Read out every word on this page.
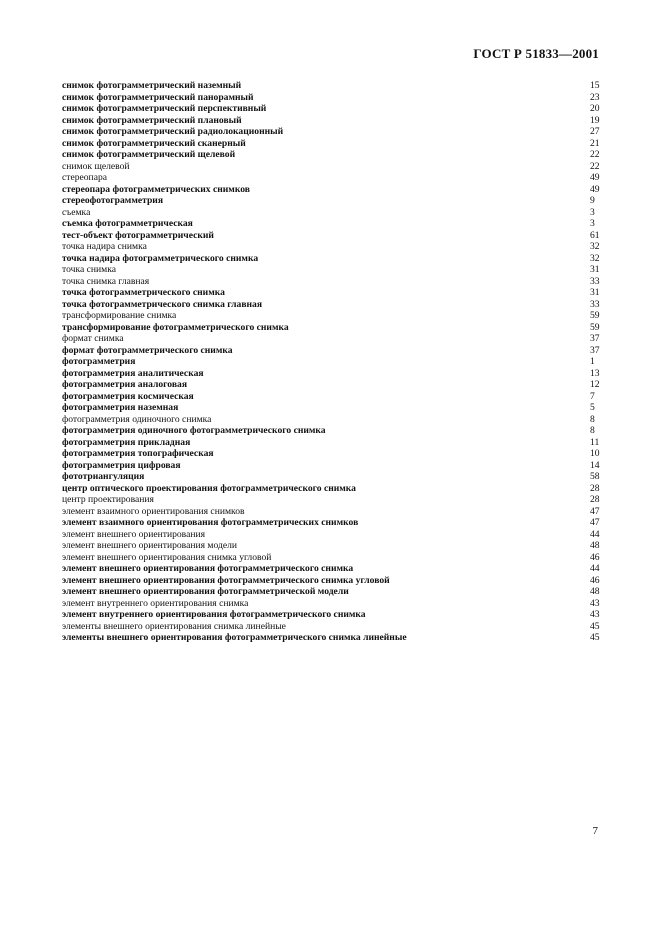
ГОСТ Р 51833—2001
снимок фотограмметрический наземный	15
снимок фотограмметрический панорамный	23
снимок фотограмметрический перспективный	20
снимок фотограмметрический плановый	19
снимок фотограмметрический радиолокационный	27
снимок фотограмметрический сканерный	21
снимок фотограмметрический щелевой	22
снимок щелевой	22
стереопара	49
стереопара фотограмметрических снимков	49
стереофотограмметрия	9
съемка	3
съемка фотограмметрическая	3
тест-объект фотограмметрический	61
точка надира снимка	32
точка надира фотограмметрического снимка	32
точка снимка	31
точка снимка главная	33
точка фотограмметрического снимка	31
точка фотограмметрического снимка главная	33
трансформирование снимка	59
трансформирование фотограмметрического снимка	59
формат снимка	37
формат фотограмметрического снимка	37
фотограмметрия	1
фотограмметрия аналитическая	13
фотограмметрия аналоговая	12
фотограмметрия космическая	7
фотограмметрия наземная	5
фотограмметрия одиночного снимка	8
фотограмметрия одиночного фотограмметрического снимка	8
фотограмметрия прикладная	11
фотограмметрия топографическая	10
фотограмметрия цифровая	14
фототриангуляция	58
центр оптического проектирования фотограмметрического снимка	28
центр проектирования	28
элемент взаимного ориентирования снимков	47
элемент взаимного ориентирования фотограмметрических снимков	47
элемент внешнего ориентирования	44
элемент внешнего ориентирования модели	48
элемент внешнего ориентирования снимка угловой	46
элемент внешнего ориентирования фотограмметрического снимка	44
элемент внешнего ориентирования фотограмметрического снимка угловой	46
элемент внешнего ориентирования фотограмметрической модели	48
элемент внутреннего ориентирования снимка	43
элемент внутреннего ориентирования фотограмметрического снимка	43
элементы внешнего ориентирования снимка линейные	45
элементы внешнего ориентирования фотограмметрического снимка линейные	45
7
